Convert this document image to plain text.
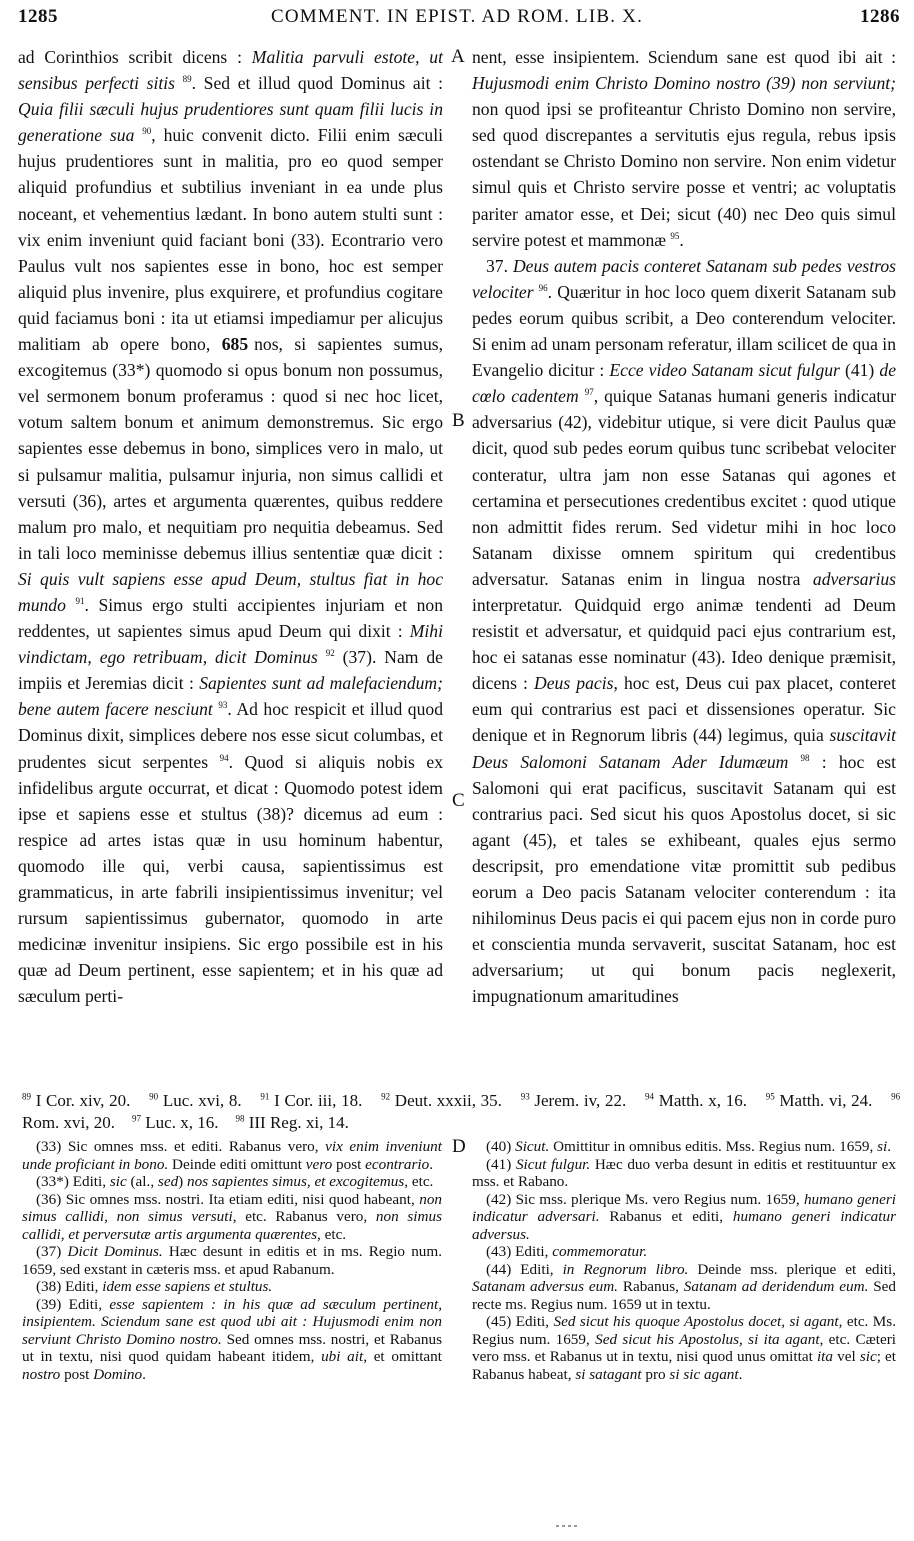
1285	COMMENT. IN EPIST. AD ROM. LIB. X.	1286
A
B
C
D

ad Corinthios scribit dicens : Malitia parvuli estote, ut sensibus perfecti sitis $^{89}$. Sed et illud quod Dominus ait : Quia filii sæculi hujus prudentiores sunt quam filii lucis in generatione sua $^{90}$, huic convenit dicto. Filii enim sæculi hujus prudentiores sunt in malitia, pro eo quod semper aliquid profundius et subtilius inveniant in ea unde plus noceant, et vehementius lædant. In bono autem stulti sunt : vix enim inveniunt quid faciant boni (33). Econtrario vero Paulus vult nos sapientes esse in bono, hoc est semper aliquid plus invenire, plus exquirere, et profundius cogitare quid faciamus boni : ita ut etiamsi impediamur per alicujus malitiam ab opere bono, 685 nos, si sapientes sumus, excogitemus (33*) quomodo si opus bonum non possumus, vel sermonem bonum proferamus : quod si nec hoc licet, votum saltem bonum et animum demonstremus. Sic ergo sapientes esse debemus in bono, simplices vero in malo, ut si pulsamur malitia, pulsamur injuria, non simus callidi et versuti (36), artes et argumenta quærentes, quibus reddere malum pro malo, et nequitiam pro nequitia debeamus. Sed in tali loco meminisse debemus illius sententiæ quæ dicit : Si quis vult sapiens esse apud Deum, stultus fiat in hoc mundo $^{91}$. Simus ergo stulti accipientes injuriam et non reddentes, ut sapientes simus apud Deum qui dixit : Mihi vindictam, ego retribuam, dicit Dominus $^{92}$ (37). Nam de impiis et Jeremias dicit : Sapientes sunt ad malefaciendum; bene autem facere nesciunt $^{93}$. Ad hoc respicit et illud quod Dominus dixit, simplices debere nos esse sicut columbas, et prudentes sicut serpentes $^{94}$. Quod si aliquis nobis ex infidelibus argute occurrat, et dicat : Quomodo potest idem ipse et sapiens esse et stultus (38)? dicemus ad eum : respice ad artes istas quæ in usu hominum habentur, quomodo ille qui, verbi causa, sapientissimus est grammaticus, in arte fabrili insipientissimus invenitur; vel rursum sapientissimus gubernator, quomodo in arte medicinæ invenitur insipiens. Sic ergo possibile est in his quæ ad Deum pertinent, esse sapientem; et in his quæ ad sæculum perti-

nent, esse insipientem. Sciendum sane est quod ibi ait : Hujusmodi enim Christo Domino nostro (39) non serviunt; non quod ipsi se profiteantur Christo Domino non servire, sed quod discrepantes a servitutis ejus regula, rebus ipsis ostendant se Christo Domino non servire. Non enim videtur simul quis et Christo servire posse et ventri; ac voluptatis pariter amator esse, et Dei; sicut (40) nec Deo quis simul servire potest et mammonæ $^{95}$.

37. Deus autem pacis conteret Satanam sub pedes vestros velociter $^{96}$. Quæritur in hoc loco quem dixerit Satanam sub pedes eorum quibus scribit, a Deo conterendum velociter. Si enim ad unam personam referatur, illam scilicet de qua in Evangelio dicitur : Ecce video Satanam sicut fulgur (41) de cœlo cadentem $^{97}$, quique Satanas humani generis indicatur adversarius (42), videbitur utique, si vere dicit Paulus quæ dicit, quod sub pedes eorum quibus tunc scribebat velociter conteratur, ultra jam non esse Satanas qui agones et certamina et persecutiones credentibus excitet : quod utique non admittit fides rerum. Sed videtur mihi in hoc loco Satanam dixisse omnem spiritum qui credentibus adversatur. Satanas enim in lingua nostra adversarius interpretatur. Quidquid ergo animæ tendenti ad Deum resistit et adversatur, et quidquid paci ejus contrarium est, hoc ei satanas esse nominatur (43). Ideo denique præmisit, dicens : Deus pacis, hoc est, Deus cui pax placet, conteret eum qui contrarius est paci et dissensiones operatur. Sic denique et in Regnorum libris (44) legimus, quia suscitavit Deus Salomoni Satanam Ader Idumæum $^{98}$ : hoc est Salomoni qui erat pacificus, suscitavit Satanam qui est contrarius paci. Sed sicut his quos Apostolus docet, si sic agant (45), et tales se exhibeant, quales ejus sermo descripsit, pro emendatione vitæ promittit sub pedibus eorum a Deo pacis Satanam velociter conterendum : ita nihilominus Deus pacis ei qui pacem ejus non in corde puro et conscientia munda servaverit, suscitat Satanam, hoc est adversarium; ut qui bonum pacis neglexerit, impugnationum amaritudines

$^{89}$ I Cor. xiv, 20. $^{90}$ Luc. xvi, 8. $^{91}$ I Cor. iii, 18. $^{92}$ Deut. xxxii, 35. $^{93}$ Jerem. iv, 22. $^{94}$ Matth. x, 16. $^{95}$ Matth. vi, 24. $^{96}$ Rom. xvi, 20. $^{97}$ Luc. x, 16. $^{98}$ III Reg. xi, 14.

(33) Sic omnes mss. et editi. Rabanus vero, vix enim inveniunt unde proficiant in bono. Deinde editi omittunt vero post econtrario.

(33*) Editi, sic (al., sed) nos sapientes simus, et excogitemus, etc.

(36) Sic omnes mss. nostri. Ita etiam editi, nisi quod habeant, non simus callidi, non simus versuti, etc. Rabanus vero, non simus callidi, et perversutæ artis argumenta quærentes, etc.

(37) Dicit Dominus. Hæc desunt in editis et in ms. Regio num. 1659, sed exstant in cæteris mss. et apud Rabanum.

(38) Editi, idem esse sapiens et stultus.

(39) Editi, esse sapientem : in his quæ ad sæculum pertinent, insipientem. Sciendum sane est quod ubi ait : Hujusmodi enim non serviunt Christo Domino nostro. Sed omnes mss. nostri, et Rabanus ut in textu, nisi quod quidam habeant itidem, ubi ait, et omittant nostro post Domino.

(40) Sicut. Omittitur in omnibus editis. Mss. Regius num. 1659, si.

(41) Sicut fulgur. Hæc duo verba desunt in editis et restituuntur ex mss. et Rabano.

(42) Sic mss. plerique Ms. vero Regius num. 1659, humano generi indicatur adversari. Rabanus et editi, humano generi indicatur adversus.

(43) Editi, commemoratur.

(44) Editi, in Regnorum libro. Deinde mss. plerique et editi, Satanam adversus eum. Rabanus, Satanam ad deridendum eum. Sed recte ms. Regius num. 1659 ut in textu.

(45) Editi, Sed sicut his quoque Apostolus docet, si agant, etc. Ms. Regius num. 1659, Sed sicut his Apostolus, si ita agant, etc. Cæteri vero mss. et Rabanus ut in textu, nisi quod unus omittat ita vel sic; et Rabanus habeat, si satagant pro si sic agant.
